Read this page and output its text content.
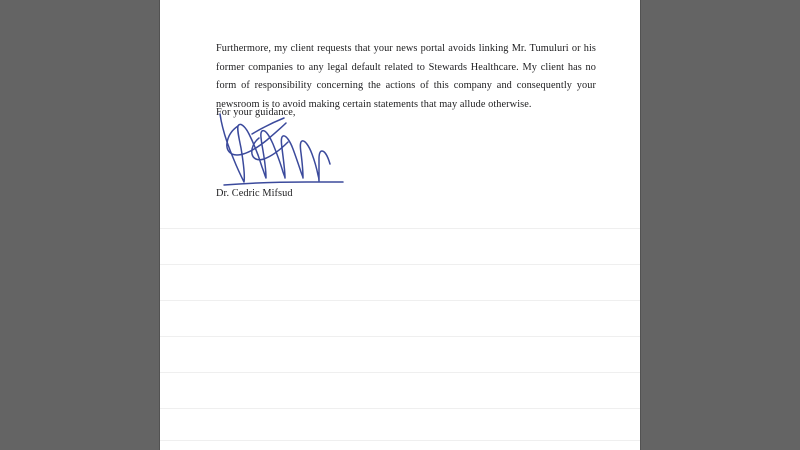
Furthermore, my client requests that your news portal avoids linking Mr. Tumuluri or his former companies to any legal default related to Stewards Healthcare. My client has no form of responsibility concerning the actions of this company and consequently your newsroom is to avoid making certain statements that may allude otherwise.

For your guidance,
Dr. Cedric Mifsud
